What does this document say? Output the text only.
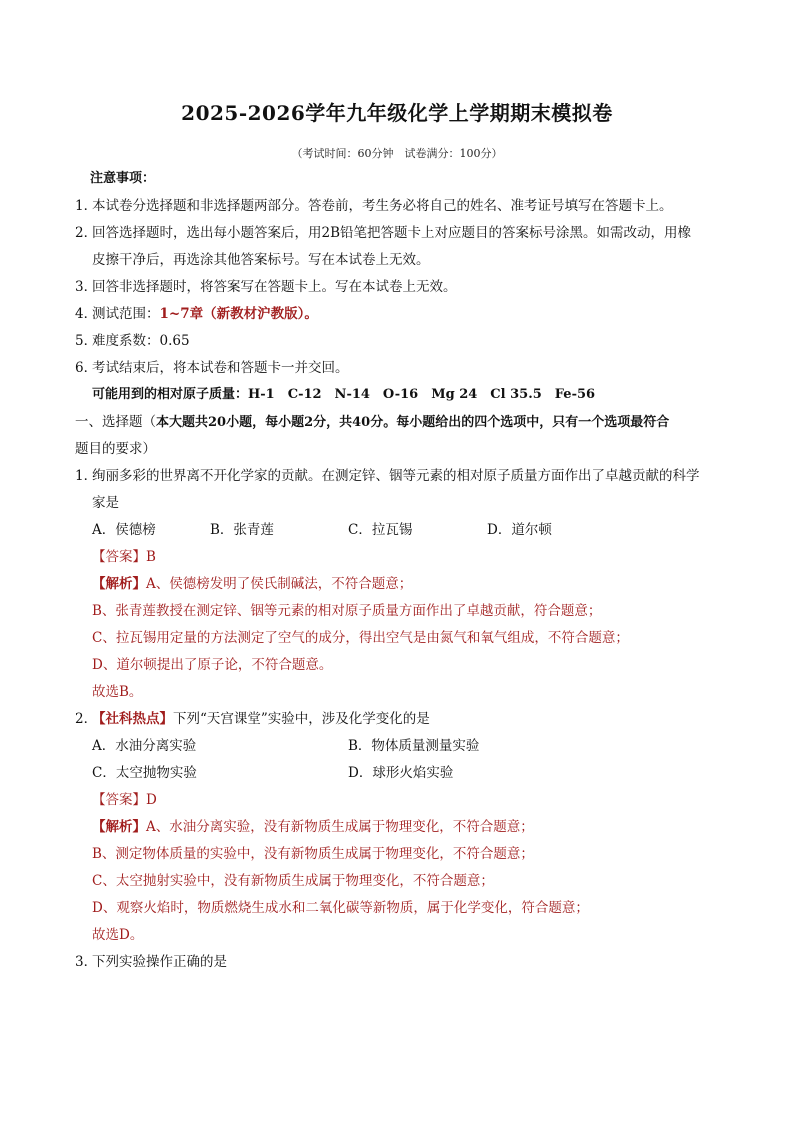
2025-2026学年九年级化学上学期期末模拟卷
（考试时间：60分钟　试卷满分：100分）
注意事项：
1．
本试卷分选择题和非选择题两部分。答卷前，考生务必将自己的姓名、准考证号填写在答题卡上。
2．
回答选择题时，选出每小题答案后，用2B铅笔把答题卡上对应题目的答案标号涂黑。如需改动，用橡
皮擦干净后，再选涂其他答案标号。写在本试卷上无效。
3．
回答非选择题时，将答案写在答题卡上。写在本试卷上无效。
4．
测试范围：1~7章（新教材沪教版）。
5．
难度系数：0.65
6．
考试结束后，将本试卷和答题卡一并交回。
可能用到的相对原子质量：H-1　C-12　N-14　O-16　Mg 24　Cl 35.5　Fe-56
一、选择题（本大题共20小题，每小题2分，共40分。每小题给出的四个选项中，只有一个选项最符合
题目的要求）
1．
绚丽多彩的世界离不开化学家的贡献。在测定锌、铟等元素的相对原子质量方面作出了卓越贡献的科学
家是
A．侯德榜	B．张青莲	C．拉瓦锡	D．道尔顿
【答案】B
【解析】A、侯德榜发明了侯氏制碱法，不符合题意；
B、张青莲教授在测定锌、铟等元素的相对原子质量方面作出了卓越贡献，符合题意；
C、拉瓦锡用定量的方法测定了空气的成分，得出空气是由氮气和氧气组成，不符合题意；
D、道尔顿提出了原子论，不符合题意。
故选B。
2．
【社科热点】下列“天宫课堂”实验中，涉及化学变化的是
A．水油分离实验	B．物体质量测量实验
C．太空抛物实验	D．球形火焰实验
【答案】D
【解析】A、水油分离实验，没有新物质生成属于物理变化，不符合题意；
B、测定物体质量的实验中，没有新物质生成属于物理变化，不符合题意；
C、太空抛射实验中，没有新物质生成属于物理变化，不符合题意；
D、观察火焰时，物质燃烧生成水和二氧化碳等新物质，属于化学变化，符合题意；
故选D。
3．
下列实验操作正确的是
